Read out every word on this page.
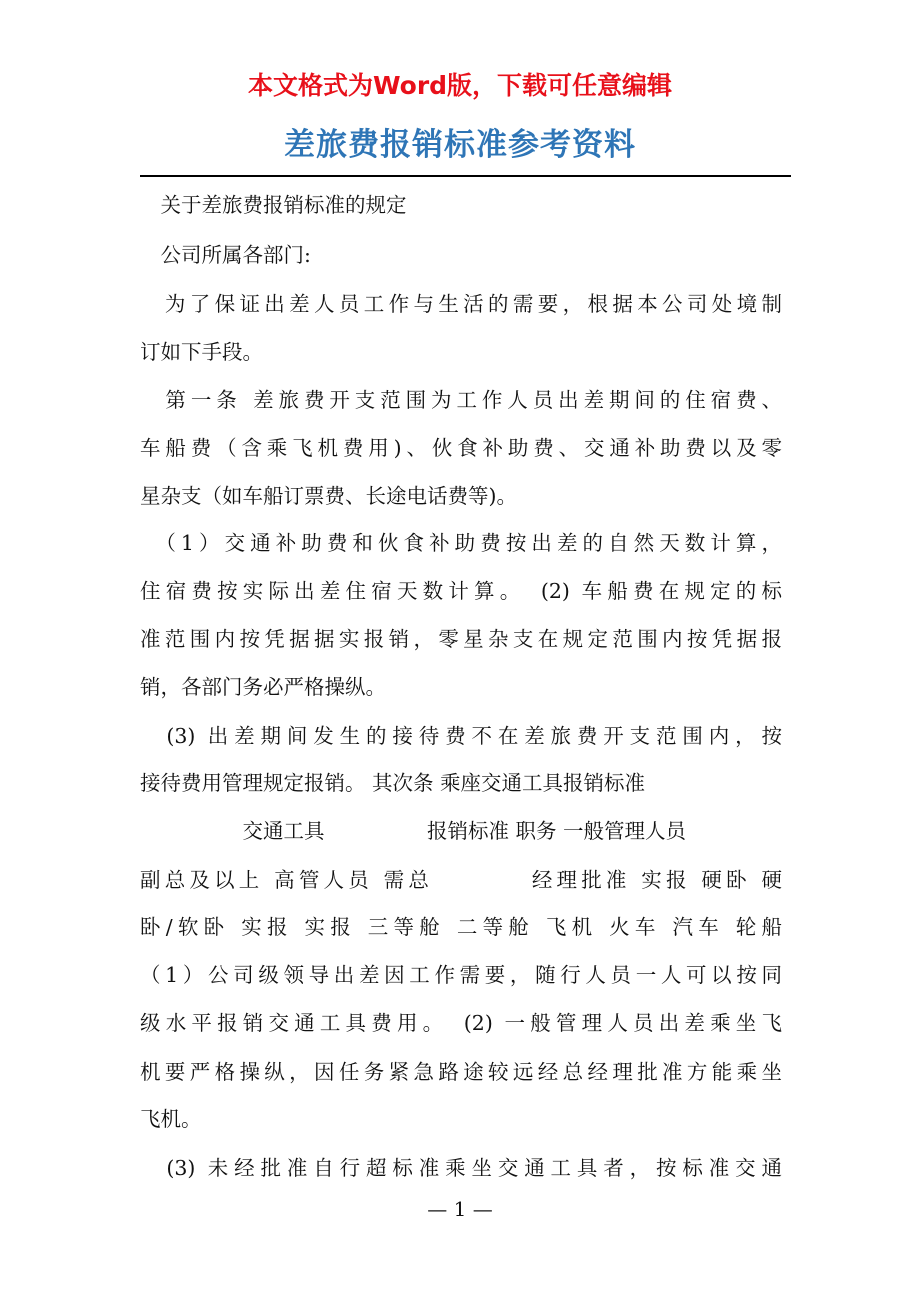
本文格式为Word版，下载可任意编辑
差旅费报销标准参考资料
　关于差旅费报销标准的规定
　公司所属各部门:
　为了保证出差人员工作与生活的需要，根据本公司处境制
订如下手段。
　第一条 差旅费开支范围为工作人员出差期间的住宿费、
车船费（含乘飞机费用)、伙食补助费、交通补助费以及零
星杂支（如车船订票费、长途电话费等)。
　（1）交通补助费和伙食补助费按出差的自然天数计算，
住宿费按实际出差住宿天数计算。　(2) 车船费在规定的标
准范围内按凭据据实报销，零星杂支在规定范围内按凭据报
销，各部门务必严格操纵。
　(3) 出差期间发生的接待费不在差旅费开支范围内，按
接待费用管理规定报销。 其次条 乘座交通工具报销标准
　　　　　交通工具　　　　　报销标准 职务 一般管理人员
副总及以上 高管人员 需总　　　　经理批准 实报 硬卧 硬
卧/软卧 实报 实报 三等舱 二等舱 飞机 火车 汽车 轮船
（1）公司级领导出差因工作需要，随行人员一人可以按同
级水平报销交通工具费用。　(2) 一般管理人员出差乘坐飞
机要严格操纵，因任务紧急路途较远经总经理批准方能乘坐
飞机。
　(3) 未经批准自行超标准乘坐交通工具者，按标准交通
— 1 —
